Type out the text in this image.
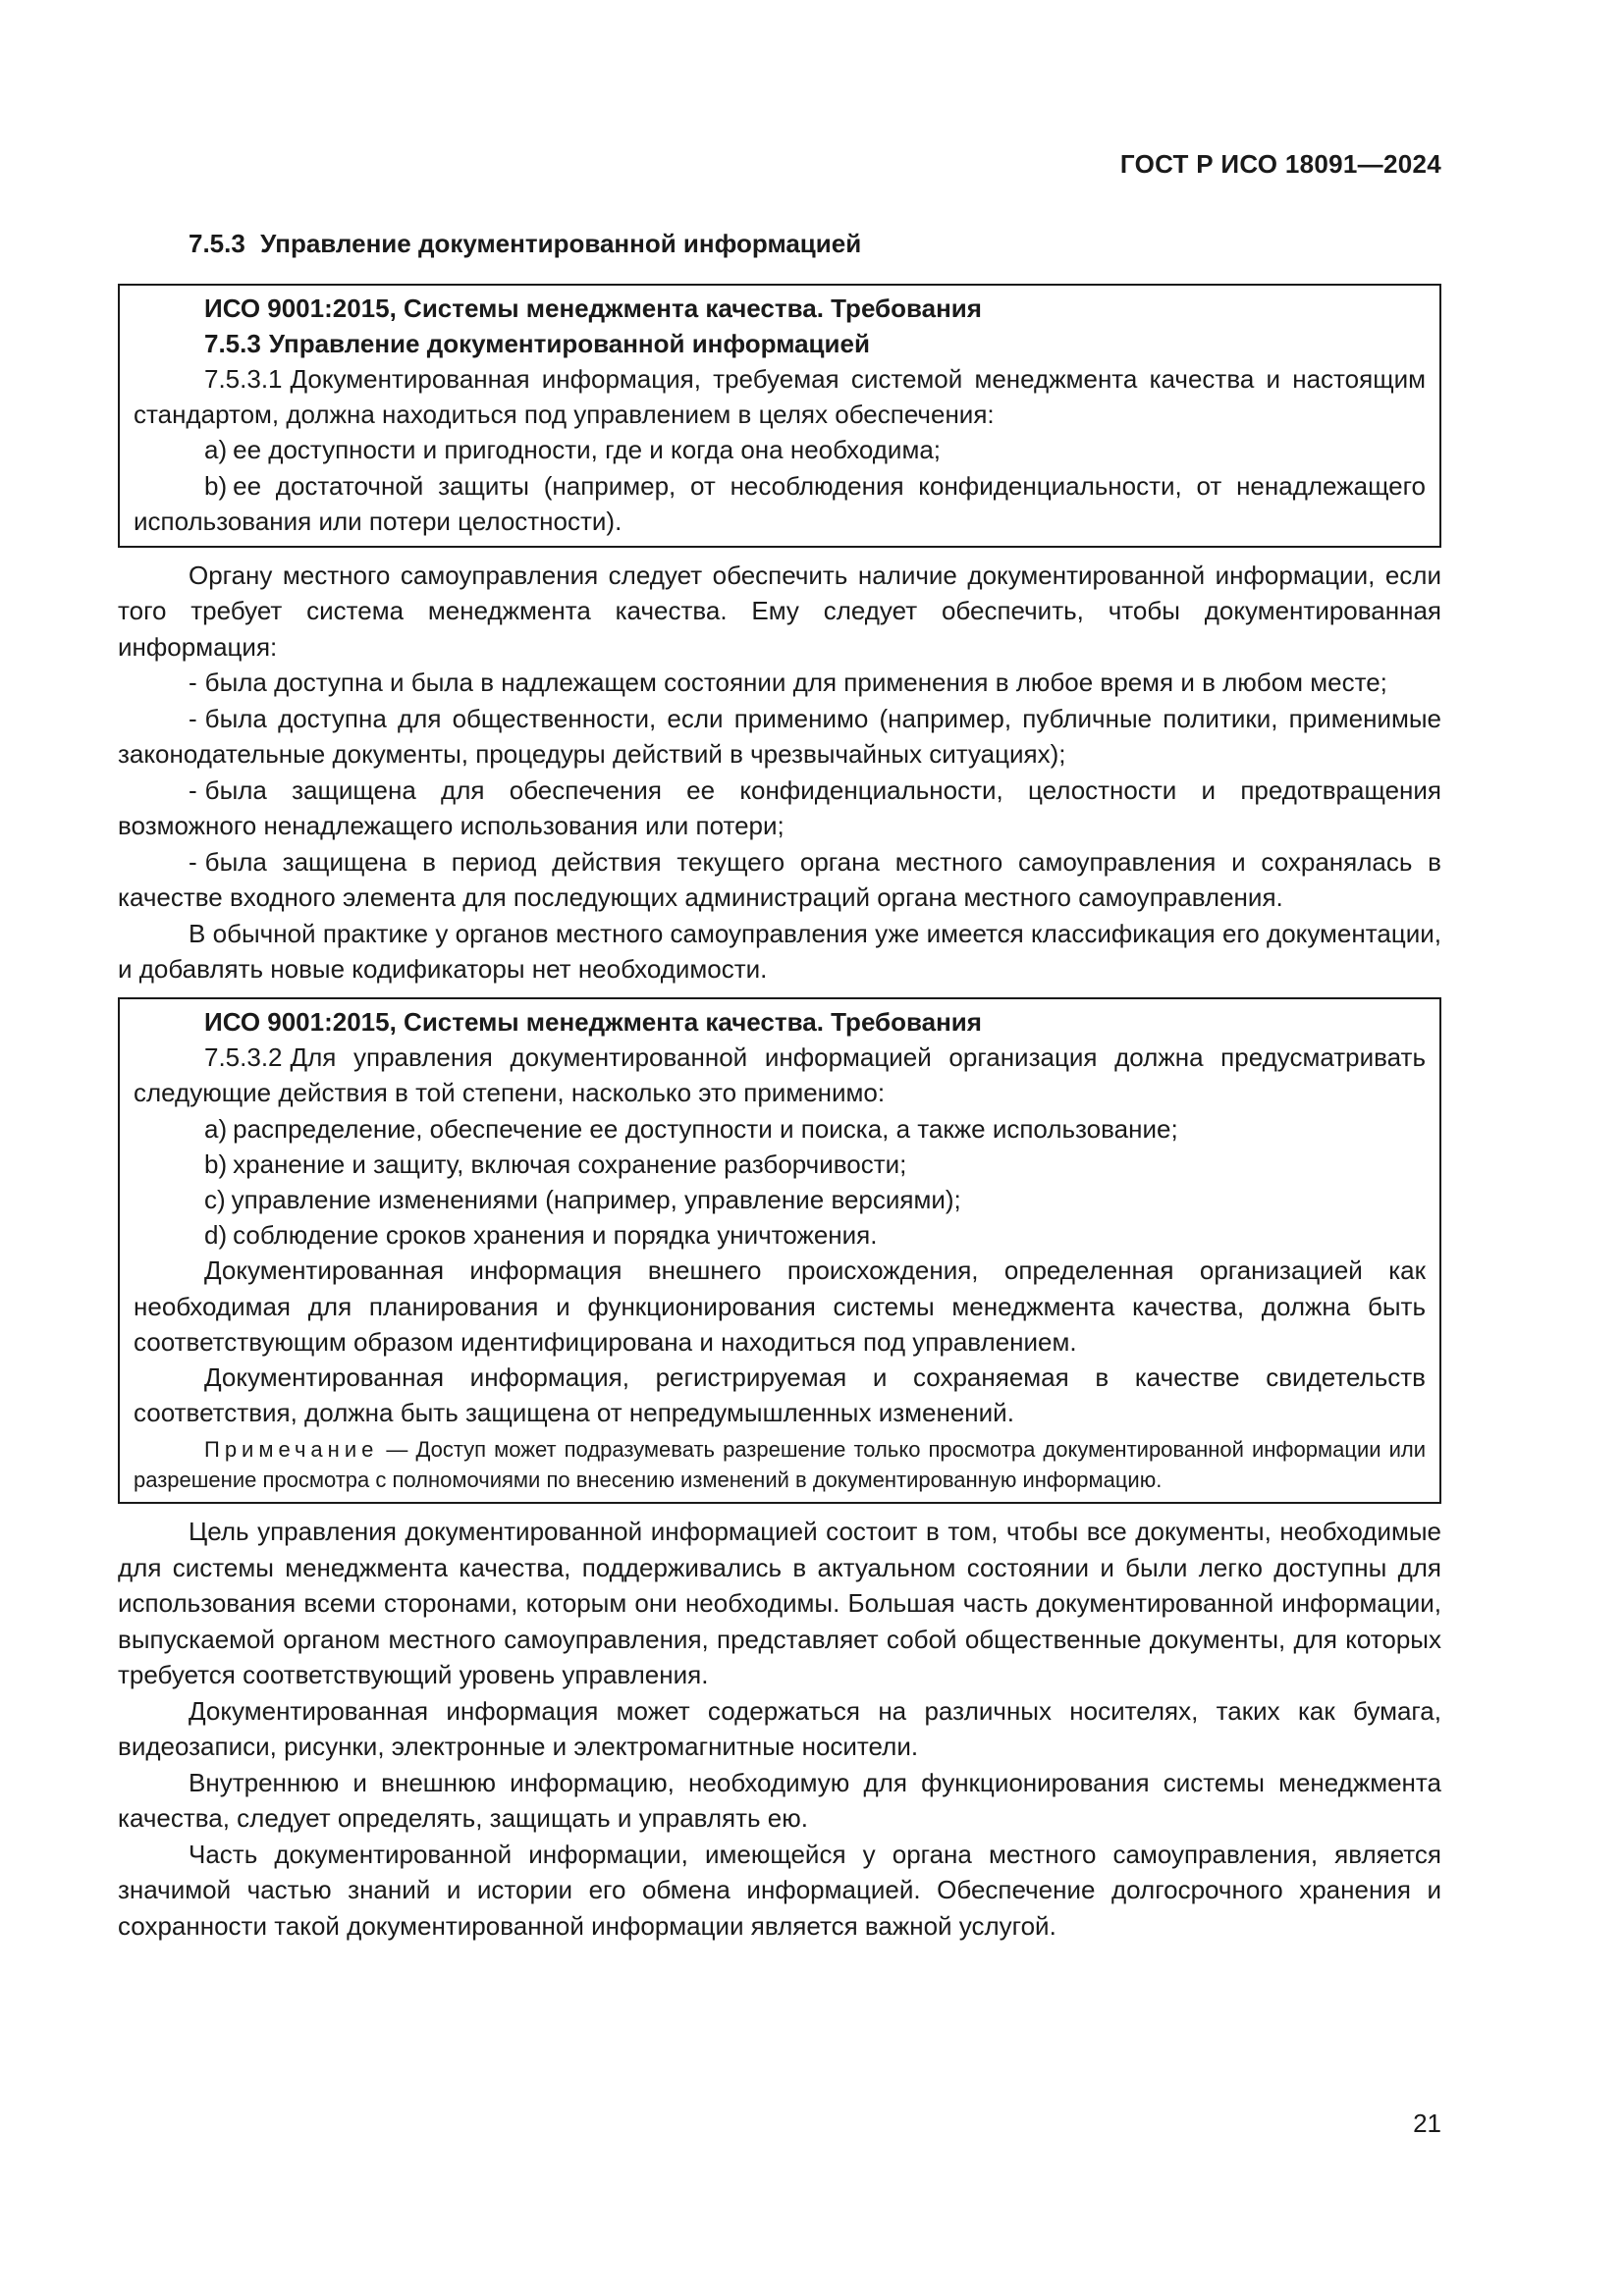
ГОСТ Р ИСО 18091—2024
7.5.3 Управление документированной информацией

ИСО 9001:2015, Системы менеджмента качества. Требования

7.5.3 Управление документированной информацией

7.5.3.1 Документированная информация, требуемая системой менеджмента качества и настоящим стандартом, должна находиться под управлением в целях обеспечения:

a) ее доступности и пригодности, где и когда она необходима;

b) ее достаточной защиты (например, от несоблюдения конфиденциальности, от ненадлежащего использования или потери целостности).

Органу местного самоуправления следует обеспечить наличие документированной информации, если того требует система менеджмента качества. Ему следует обеспечить, чтобы документированная информация:

- была доступна и была в надлежащем состоянии для применения в любое время и в любом месте;

- была доступна для общественности, если применимо (например, публичные политики, применимые законодательные документы, процедуры действий в чрезвычайных ситуациях);

- была защищена для обеспечения ее конфиденциальности, целостности и предотвращения возможного ненадлежащего использования или потери;

- была защищена в период действия текущего органа местного самоуправления и сохранялась в качестве входного элемента для последующих администраций органа местного самоуправления.

В обычной практике у органов местного самоуправления уже имеется классификация его документации, и добавлять новые кодификаторы нет необходимости.

ИСО 9001:2015, Системы менеджмента качества. Требования

7.5.3.2 Для управления документированной информацией организация должна предусматривать следующие действия в той степени, насколько это применимо:

a) распределение, обеспечение ее доступности и поиска, а также использование;

b) хранение и защиту, включая сохранение разборчивости;

c) управление изменениями (например, управление версиями);

d) соблюдение сроков хранения и порядка уничтожения.

Документированная информация внешнего происхождения, определенная организацией как необходимая для планирования и функционирования системы менеджмента качества, должна быть соответствующим образом идентифицирована и находиться под управлением.

Документированная информация, регистрируемая и сохраняемая в качестве свидетельств соответствия, должна быть защищена от непредумышленных изменений.

Примечание — Доступ может подразумевать разрешение только просмотра документированной информации или разрешение просмотра с полномочиями по внесению изменений в документированную информацию.

Цель управления документированной информацией состоит в том, чтобы все документы, необходимые для системы менеджмента качества, поддерживались в актуальном состоянии и были легко доступны для использования всеми сторонами, которым они необходимы. Большая часть документированной информации, выпускаемой органом местного самоуправления, представляет собой общественные документы, для которых требуется соответствующий уровень управления.

Документированная информация может содержаться на различных носителях, таких как бумага, видеозаписи, рисунки, электронные и электромагнитные носители.

Внутреннюю и внешнюю информацию, необходимую для функционирования системы менеджмента качества, следует определять, защищать и управлять ею.

Часть документированной информации, имеющейся у органа местного самоуправления, является значимой частью знаний и истории его обмена информацией. Обеспечение долгосрочного хранения и сохранности такой документированной информации является важной услугой.

21
